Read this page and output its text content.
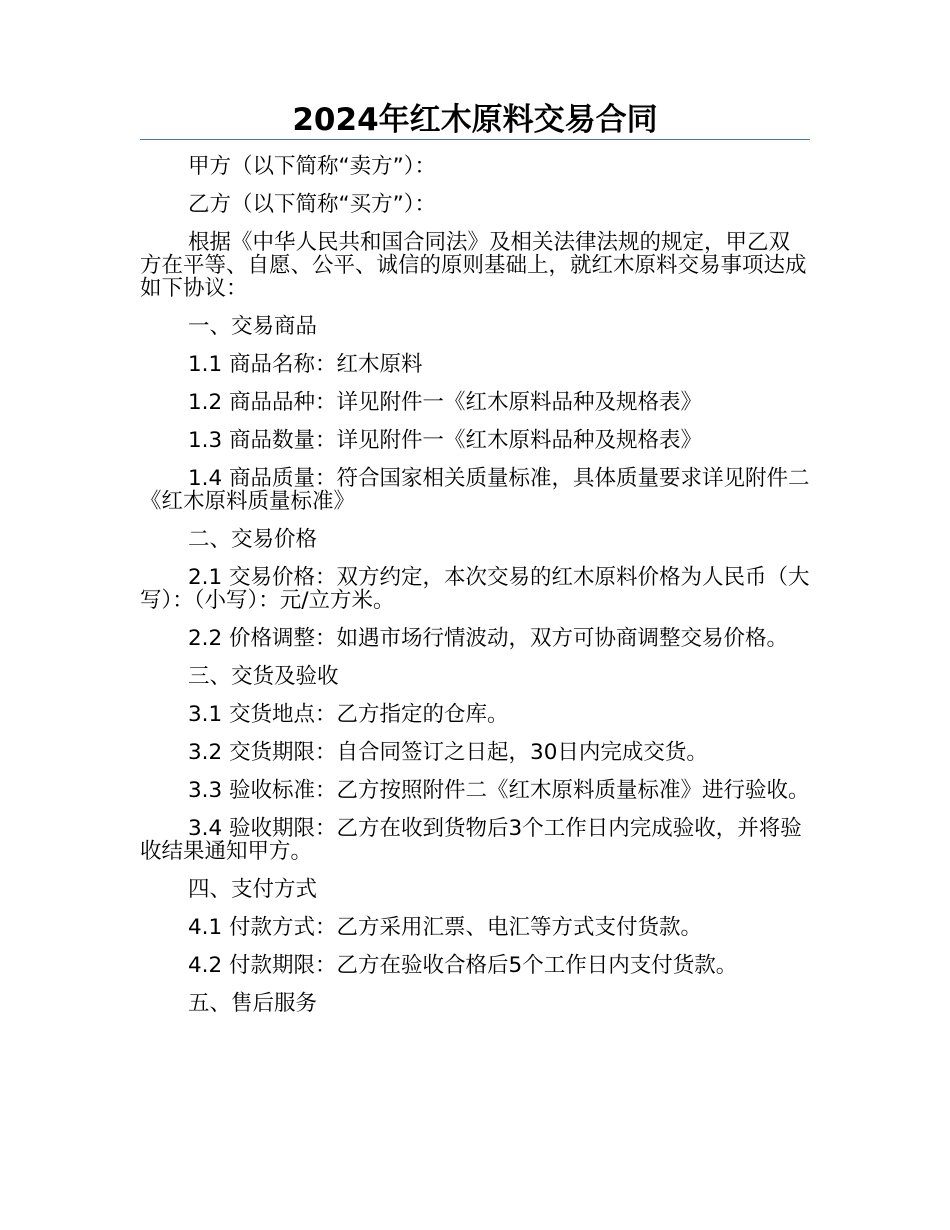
2024年红木原料交易合同

甲方（以下简称“卖方”）：

乙方（以下简称“买方”）：

根据《中华人民共和国合同法》及相关法律法规的规定，甲乙双方在平等、自愿、公平、诚信的原则基础上，就红木原料交易事项达成如下协议：

一、交易商品

1.1 商品名称：红木原料

1.2 商品品种：详见附件一《红木原料品种及规格表》

1.3 商品数量：详见附件一《红木原料品种及规格表》

1.4 商品质量：符合国家相关质量标准，具体质量要求详见附件二《红木原料质量标准》

二、交易价格

2.1 交易价格：双方约定，本次交易的红木原料价格为人民币（大写）：（小写）：元/立方米。

2.2 价格调整：如遇市场行情波动，双方可协商调整交易价格。

三、交货及验收

3.1 交货地点：乙方指定的仓库。

3.2 交货期限：自合同签订之日起，30日内完成交货。

3.3 验收标准：乙方按照附件二《红木原料质量标准》进行验收。

3.4 验收期限：乙方在收到货物后3个工作日内完成验收，并将验收结果通知甲方。

四、支付方式

4.1 付款方式：乙方采用汇票、电汇等方式支付货款。

4.2 付款期限：乙方在验收合格后5个工作日内支付货款。

五、售后服务
